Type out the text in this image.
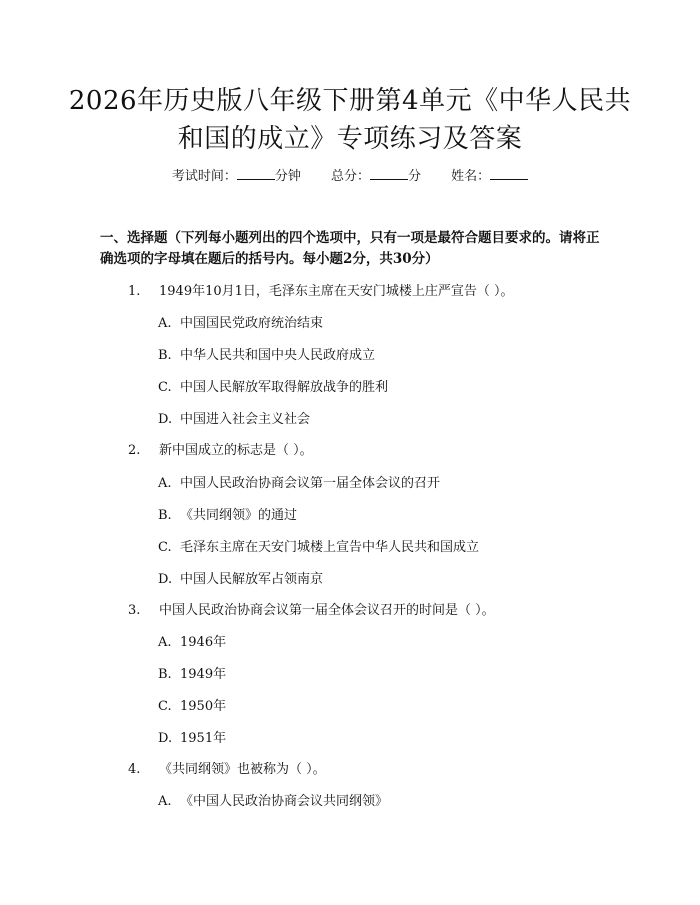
2026年历史版八年级下册第4单元《中华人民共和国的成立》专项练习及答案
考试时间：	分钟 总分：	分 姓名：

一、选择题（下列每小题列出的四个选项中，只有一项是最符合题目要求的。请将正确选项的字母填在题后的括号内。每小题2分，共30分）

1. 1949年10月1日，毛泽东主席在天安门城楼上庄严宣告（ ）。
A. 中国国民党政府统治结束
B. 中华人民共和国中央人民政府成立
C. 中国人民解放军取得解放战争的胜利
D. 中国进入社会主义社会
2. 新中国成立的标志是（ ）。
A. 中国人民政治协商会议第一届全体会议的召开
B. 《共同纲领》的通过
C. 毛泽东主席在天安门城楼上宣告中华人民共和国成立
D. 中国人民解放军占领南京
3. 中国人民政治协商会议第一届全体会议召开的时间是（ ）。
A. 1946年
B. 1949年
C. 1950年
D. 1951年
4. 《共同纲领》也被称为（ ）。
A. 《中国人民政治协商会议共同纲领》
